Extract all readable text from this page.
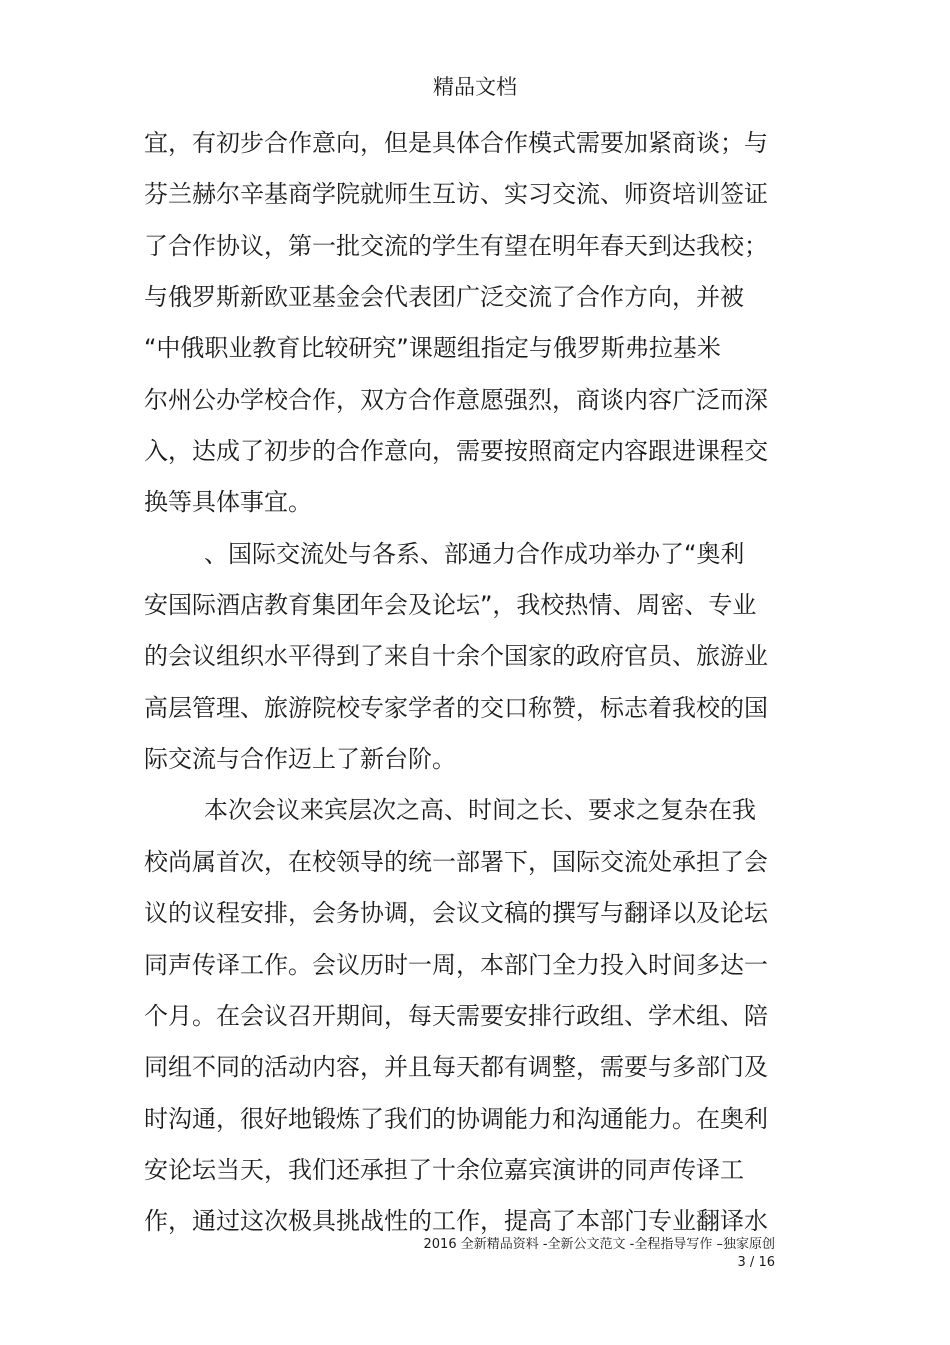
精品文档
宜，有初步合作意向，但是具体合作模式需要加紧商谈；与
芬兰赫尔辛基商学院就师生互访、实习交流、师资培训签证
了合作协议，第一批交流的学生有望在明年春天到达我校；
与俄罗斯新欧亚基金会代表团广泛交流了合作方向，并被
“中俄职业教育比较研究”课题组指定与俄罗斯弗拉基米
尔州公办学校合作，双方合作意愿强烈，商谈内容广泛而深
入，达成了初步的合作意向，需要按照商定内容跟进课程交
换等具体事宜。
、国际交流处与各系、部通力合作成功举办了“奥利
安国际酒店教育集团年会及论坛”，我校热情、周密、专业
的会议组织水平得到了来自十余个国家的政府官员、旅游业
高层管理、旅游院校专家学者的交口称赞，标志着我校的国
际交流与合作迈上了新台阶。
本次会议来宾层次之高、时间之长、要求之复杂在我
校尚属首次，在校领导的统一部署下，国际交流处承担了会
议的议程安排，会务协调，会议文稿的撰写与翻译以及论坛
同声传译工作。会议历时一周，本部门全力投入时间多达一
个月。在会议召开期间，每天需要安排行政组、学术组、陪
同组不同的活动内容，并且每天都有调整，需要与多部门及
时沟通，很好地锻炼了我们的协调能力和沟通能力。在奥利
安论坛当天，我们还承担了十余位嘉宾演讲的同声传译工
作，通过这次极具挑战性的工作，提高了本部门专业翻译水
2016 全新精品资料 -全新公文范文 -全程指导写作 –独家原创
3 / 16
